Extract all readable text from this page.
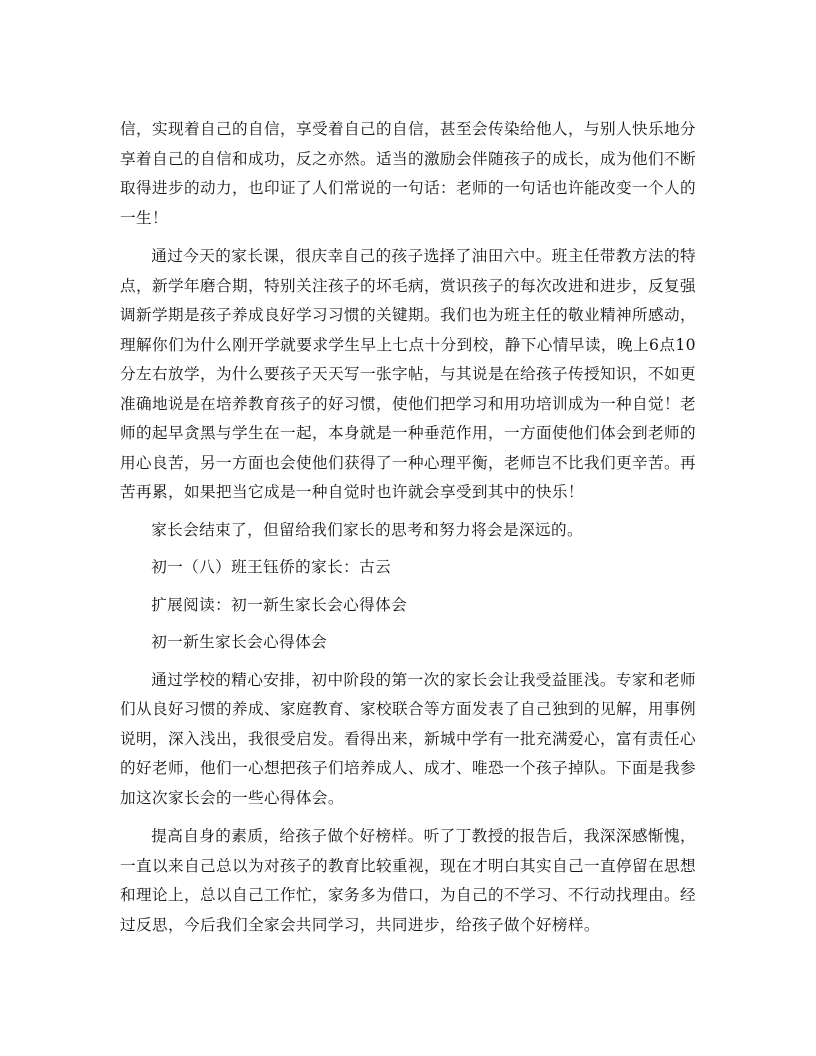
信，实现着自己的自信，享受着自己的自信，甚至会传染给他人，与别人快乐地分享着自己的自信和成功，反之亦然。适当的激励会伴随孩子的成长，成为他们不断取得进步的动力，也印证了人们常说的一句话：老师的一句话也许能改变一个人的一生！

通过今天的家长课，很庆幸自己的孩子选择了油田六中。班主任带教方法的特点，新学年磨合期，特别关注孩子的坏毛病，赏识孩子的每次改进和进步，反复强调新学期是孩子养成良好学习习惯的关键期。我们也为班主任的敬业精神所感动，理解你们为什么刚开学就要求学生早上七点十分到校，静下心情早读，晚上6点10分左右放学，为什么要孩子天天写一张字帖，与其说是在给孩子传授知识，不如更准确地说是在培养教育孩子的好习惯，使他们把学习和用功培训成为一种自觉！老师的起早贪黑与学生在一起，本身就是一种垂范作用，一方面使他们体会到老师的用心良苦，另一方面也会使他们获得了一种心理平衡，老师岂不比我们更辛苦。再苦再累，如果把当它成是一种自觉时也许就会享受到其中的快乐！

家长会结束了，但留给我们家长的思考和努力将会是深远的。

初一（八）班王钰侨的家长：古云

扩展阅读：初一新生家长会心得体会

初一新生家长会心得体会

通过学校的精心安排，初中阶段的第一次的家长会让我受益匪浅。专家和老师们从良好习惯的养成、家庭教育、家校联合等方面发表了自己独到的见解，用事例说明，深入浅出，我很受启发。看得出来，新城中学有一批充满爱心，富有责任心的好老师，他们一心想把孩子们培养成人、成才、唯恐一个孩子掉队。下面是我参加这次家长会的一些心得体会。

提高自身的素质，给孩子做个好榜样。听了丁教授的报告后，我深深感惭愧，一直以来自己总以为对孩子的教育比较重视，现在才明白其实自己一直停留在思想和理论上，总以自己工作忙，家务多为借口，为自己的不学习、不行动找理由。经过反思，今后我们全家会共同学习，共同进步，给孩子做个好榜样。
